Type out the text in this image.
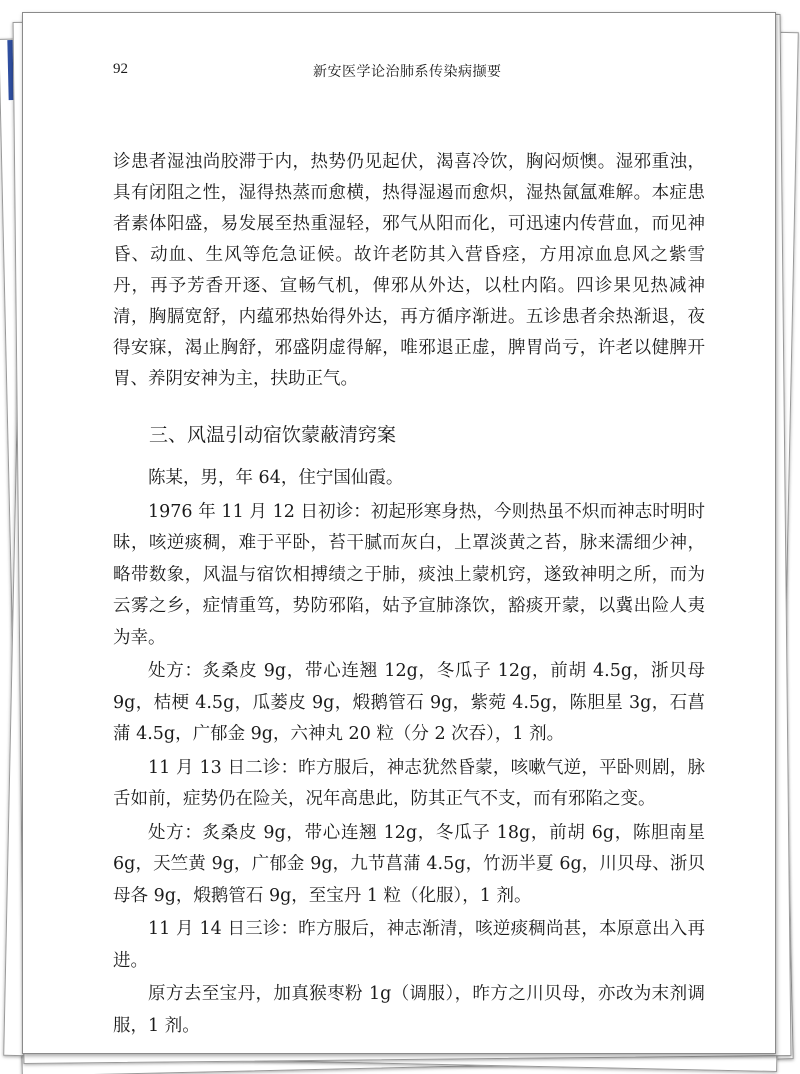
92	新安医学论治肺系传染病撷要

诊患者湿浊尚胶滞于内，热势仍见起伏，渴喜冷饮，胸闷烦懊。湿邪重浊，具有闭阻之性，湿得热蒸而愈横，热得湿遏而愈炽，湿热氤氲难解。本症患者素体阳盛，易发展至热重湿轻，邪气从阳而化，可迅速内传营血，而见神昏、动血、生风等危急证候。故许老防其入营昏痉，方用凉血息风之紫雪丹，再予芳香开逐、宣畅气机，俾邪从外达，以杜内陷。四诊果见热减神清，胸膈宽舒，内蕴邪热始得外达，再方循序渐进。五诊患者余热渐退，夜得安寐，渴止胸舒，邪盛阴虚得解，唯邪退正虚，脾胃尚亏，许老以健脾开胃、养阴安神为主，扶助正气。

三、风温引动宿饮蒙蔽清窍案

陈某，男，年 64，住宁国仙霞。

1976 年 11 月 12 日初诊：初起形寒身热，今则热虽不炽而神志时明时昧，咳逆痰稠，难于平卧，苔干腻而灰白，上罩淡黄之苔，脉来濡细少神，略带数象，风温与宿饮相搏绩之于肺，痰浊上蒙机窍，遂致神明之所，而为云雾之乡，症情重笃，势防邪陷，姑予宣肺涤饮，豁痰开蒙，以冀出险人夷为幸。

处方：炙桑皮 9g，带心连翘 12g，冬瓜子 12g，前胡 4.5g，浙贝母 9g，桔梗 4.5g，瓜蒌皮 9g，煅鹅管石 9g，紫菀 4.5g，陈胆星 3g，石菖蒲 4.5g，广郁金 9g，六神丸 20 粒（分 2 次吞），1 剂。

11 月 13 日二诊：昨方服后，神志犹然昏蒙，咳嗽气逆，平卧则剧，脉舌如前，症势仍在险关，况年高患此，防其正气不支，而有邪陷之变。

处方：炙桑皮 9g，带心连翘 12g，冬瓜子 18g，前胡 6g，陈胆南星 6g，天竺黄 9g，广郁金 9g，九节菖蒲 4.5g，竹沥半夏 6g，川贝母、浙贝母各 9g，煅鹅管石 9g，至宝丹 1 粒（化服），1 剂。

11 月 14 日三诊：昨方服后，神志渐清，咳逆痰稠尚甚，本原意出入再进。

原方去至宝丹，加真猴枣粉 1g（调服），昨方之川贝母，亦改为末剂调服，1 剂。
